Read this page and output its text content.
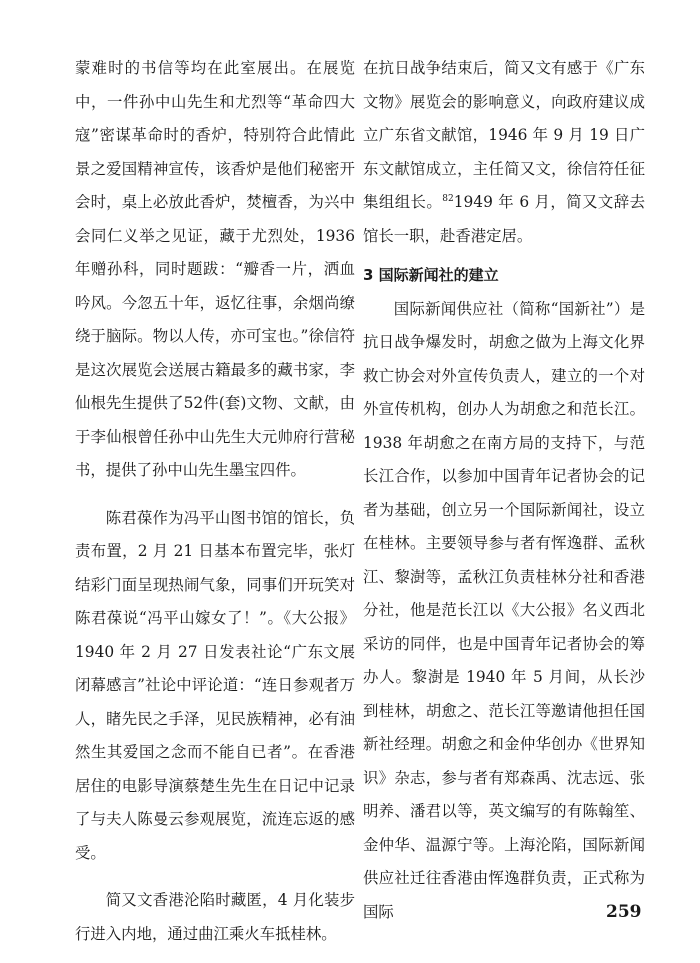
蒙难时的书信等均在此室展出。在展览中，一件孙中山先生和尤烈等“革命四大寇”密谋革命时的香炉，特别符合此情此景之爱国精神宣传，该香炉是他们秘密开会时，桌上必放此香炉，焚檀香，为兴中会同仁义举之见证，藏于尤烈处，1936 年赠孙科，同时题跋：“瓣香一片，洒血吟风。今忽五十年，返忆往事，余烟尚缭绕于脑际。物以人传，亦可宝也。”徐信符是这次展览会送展古籍最多的藏书家，李仙根先生提供了52件(套)文物、文献，由于李仙根曾任孙中山先生大元帅府行营秘书，提供了孙中山先生墨宝四件。

陈君葆作为冯平山图书馆的馆长，负责布置，2 月 21 日基本布置完毕，张灯结彩门面呈现热闹气象，同事们开玩笑对陈君葆说“冯平山嫁女了！”。《大公报》1940 年 2 月 27 日发表社论“广东文展闭幕感言”社论中评论道：“连日参观者万人，睹先民之手泽，见民族精神，必有油然生其爱国之念而不能自已者”。在香港居住的电影导演蔡楚生先生在日记中记录了与夫人陈曼云参观展览，流连忘返的感受。

简又文香港沦陷时藏匿，4 月化装步行进入内地，通过曲江乘火车抵桂林。

在抗日战争结束后，简又文有感于《广东文物》展览会的影响意义，向政府建议成立广东省文献馆，1946 年 9 月 19 日广东文献馆成立，主任简又文，徐信符任征集组组长。$^{82}$1949 年 6 月，简又文辞去馆长一职，赴香港定居。

3 国际新闻社的建立

国际新闻供应社（简称“国新社”）是抗日战争爆发时，胡愈之做为上海文化界救亡协会对外宣传负责人，建立的一个对外宣传机构，创办人为胡愈之和范长江。1938 年胡愈之在南方局的支持下，与范长江合作，以参加中国青年记者协会的记者为基础，创立另一个国际新闻社，设立在桂林。主要领导参与者有恽逸群、孟秋江、黎澍等，孟秋江负责桂林分社和香港分社，他是范长江以《大公报》名义西北采访的同伴，也是中国青年记者协会的筹办人。黎澍是 1940 年 5 月间，从长沙到桂林，胡愈之、范长江等邀请他担任国新社经理。胡愈之和金仲华创办《世界知识》杂志，参与者有郑森禹、沈志远、张明养、潘君以等，英文编写的有陈翰笙、金仲华、温源宁等。上海沦陷，国际新闻供应社迁往香港由恽逸群负责，正式称为国际	259
